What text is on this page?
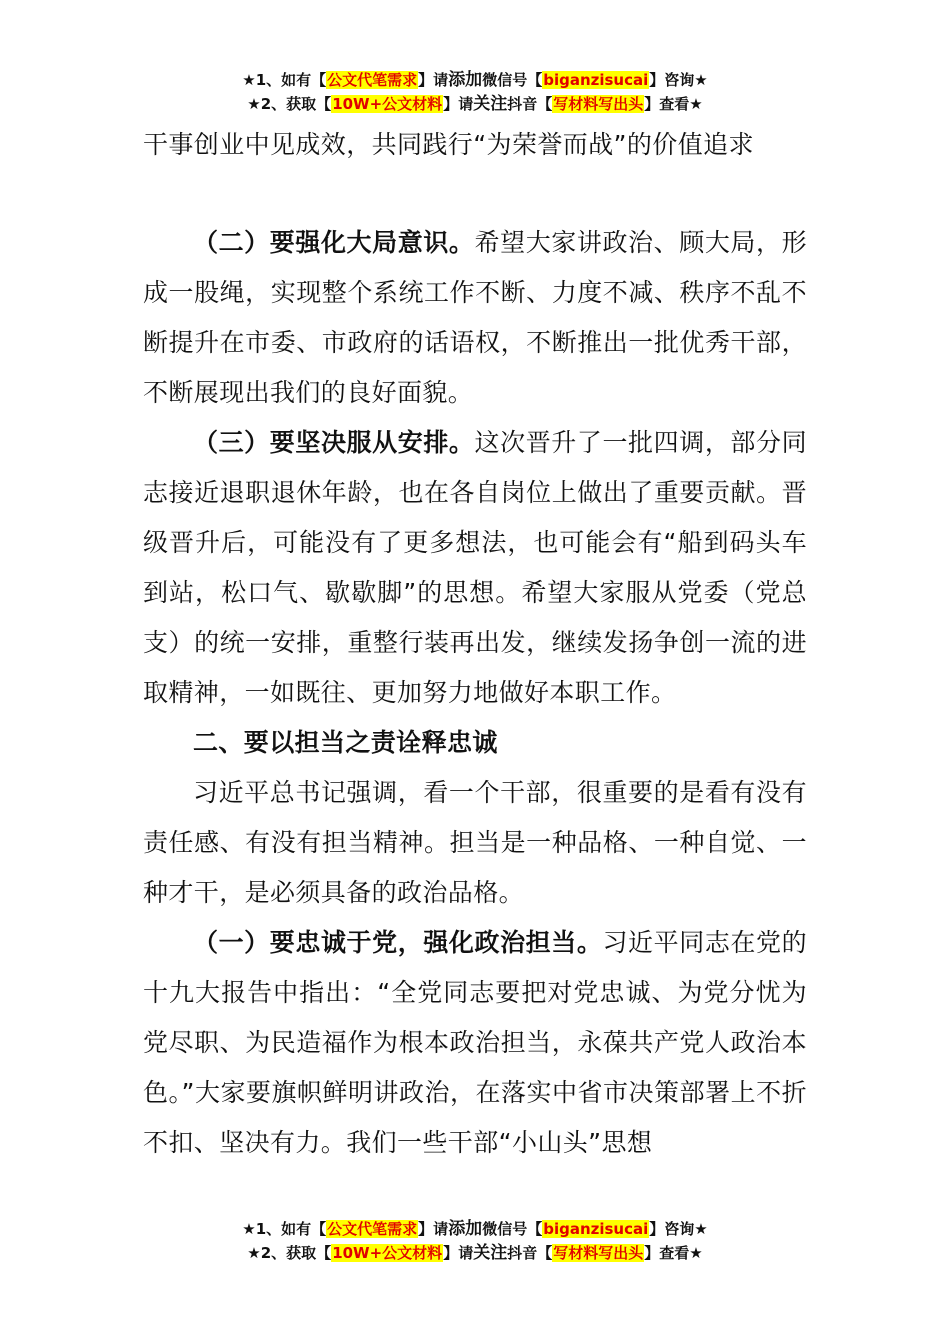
★1、如有【公文代笔需求】请添加微信号【biganzisucai】咨询★
★2、获取【10W+公文材料】请关注抖音【写材料写出头】查看★

干事创业中见成效，共同践行“为荣誉而战”的价值追求

（二）要强化大局意识。希望大家讲政治、顾大局，形成一股绳，实现整个系统工作不断、力度不减、秩序不乱不断提升在市委、市政府的话语权，不断推出一批优秀干部，不断展现出我们的良好面貌。

（三）要坚决服从安排。这次晋升了一批四调，部分同志接近退职退休年龄，也在各自岗位上做出了重要贡献。晋级晋升后，可能没有了更多想法，也可能会有“船到码头车到站，松口气、歇歇脚”的思想。希望大家服从党委（党总支）的统一安排，重整行装再出发，继续发扬争创一流的进取精神，一如既往、更加努力地做好本职工作。

二、要以担当之责诠释忠诚

习近平总书记强调，看一个干部，很重要的是看有没有责任感、有没有担当精神。担当是一种品格、一种自觉、一种才干，是必须具备的政治品格。

（一）要忠诚于党，强化政治担当。习近平同志在党的十九大报告中指出：“全党同志要把对党忠诚、为党分忧为党尽职、为民造福作为根本政治担当，永葆共产党人政治本色。”大家要旗帜鲜明讲政治，在落实中省市决策部署上不折不扣、坚决有力。我们一些干部“小山头”思想

★1、如有【公文代笔需求】请添加微信号【biganzisucai】咨询★
★2、获取【10W+公文材料】请关注抖音【写材料写出头】查看★
